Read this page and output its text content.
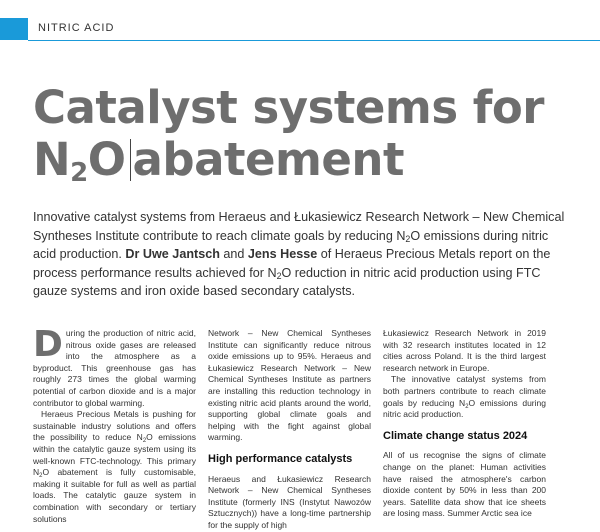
NITRIC ACID
Catalyst systems for
$N_2O$ abatement

Innovative catalyst systems from Heraeus and Łukasiewicz Research Network – New Chemical Syntheses Institute contribute to reach climate goals by reducing $N_2O$ emissions during nitric acid production. Dr Uwe Jantsch and Jens Hesse of Heraeus Precious Metals report on the process performance results achieved for $N_2O$ reduction in nitric acid production using FTC gauze systems and iron oxide based secondary catalysts.

During the production of nitric acid, nitrous oxide gases are released into the atmosphere as a byproduct. This greenhouse gas has roughly 273 times the global warming potential of carbon dioxide and is a major contributor to global warming.

Heraeus Precious Metals is pushing for sustainable industry solutions and offers the possibility to reduce $N_2O$ emissions within the catalytic gauze system using its well-known FTC-technology. This primary $N_2O$ abatement is fully customisable, making it suitable for full as well as partial loads. The catalytic gauze system in combination with secondary or tertiary solutions

Network – New Chemical Syntheses Institute can significantly reduce nitrous oxide emissions up to 95%. Heraeus and Łukasiewicz Research Network – New Chemical Syntheses Institute as partners are installing this reduction technology in existing nitric acid plants around the world, supporting global climate goals and helping with the fight against global warming.

High performance catalysts

Heraeus and Łukasiewicz Research Network – New Chemical Syntheses Institute (formerly INS (Instytut Nawozów Sztucznych)) have a long-time partnership for the supply of high

Łukasiewicz Research Network in 2019 with 32 research institutes located in 12 cities across Poland. It is the third largest research network in Europe.

The innovative catalyst systems from both partners contribute to reach climate goals by reducing $N_2O$ emissions during nitric acid production.

Climate change status 2024

All of us recognise the signs of climate change on the planet: Human activities have raised the atmosphere's carbon dioxide content by 50% in less than 200 years. Satellite data show that ice sheets are losing mass. Summer Arctic sea ice
